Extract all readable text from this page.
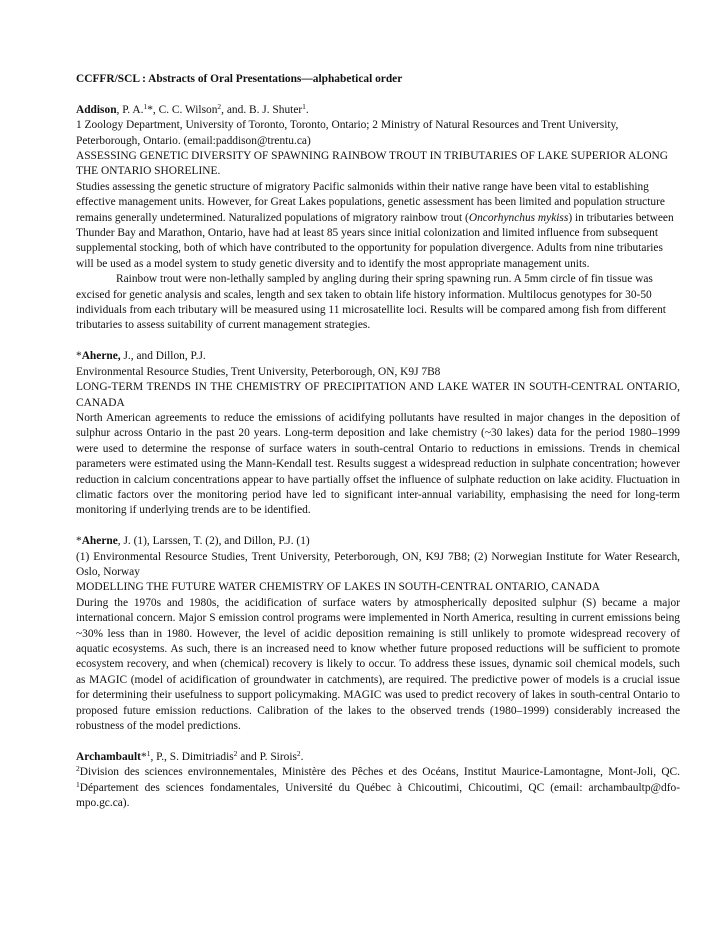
CCFFR/SCL : Abstracts of Oral Presentations—alphabetical order

Addison, P. A.$^1$*, C. C. Wilson$^2$, and. B. J. Shuter$^1$.

1 Zoology Department, University of Toronto, Toronto, Ontario; 2 Ministry of Natural Resources and Trent University, Peterborough, Ontario. (email:paddison@trentu.ca)

ASSESSING GENETIC DIVERSITY OF SPAWNING RAINBOW TROUT IN TRIBUTARIES OF LAKE SUPERIOR ALONG THE ONTARIO SHORELINE.

Studies assessing the genetic structure of migratory Pacific salmonids within their native range have been vital to establishing effective management units. However, for Great Lakes populations, genetic assessment has been limited and population structure remains generally undetermined. Naturalized populations of migratory rainbow trout (Oncorhynchus mykiss) in tributaries between Thunder Bay and Marathon, Ontario, have had at least 85 years since initial colonization and limited influence from subsequent supplemental stocking, both of which have contributed to the opportunity for population divergence. Adults from nine tributaries will be used as a model system to study genetic diversity and to identify the most appropriate management units.

Rainbow trout were non-lethally sampled by angling during their spring spawning run. A 5mm circle of fin tissue was excised for genetic analysis and scales, length and sex taken to obtain life history information. Multilocus genotypes for 30-50 individuals from each tributary will be measured using 11 microsatellite loci. Results will be compared among fish from different tributaries to assess suitability of current management strategies.

*Aherne, J., and Dillon, P.J.

Environmental Resource Studies, Trent University, Peterborough, ON, K9J 7B8

LONG-TERM TRENDS IN THE CHEMISTRY OF PRECIPITATION AND LAKE WATER IN SOUTH-CENTRAL ONTARIO, CANADA

North American agreements to reduce the emissions of acidifying pollutants have resulted in major changes in the deposition of sulphur across Ontario in the past 20 years. Long-term deposition and lake chemistry (~30 lakes) data for the period 1980–1999 were used to determine the response of surface waters in south-central Ontario to reductions in emissions. Trends in chemical parameters were estimated using the Mann-Kendall test. Results suggest a widespread reduction in sulphate concentration; however reduction in calcium concentrations appear to have partially offset the influence of sulphate reduction on lake acidity. Fluctuation in climatic factors over the monitoring period have led to significant inter-annual variability, emphasising the need for long-term monitoring if underlying trends are to be identified.

*Aherne, J. (1), Larssen, T. (2), and Dillon, P.J. (1)

(1) Environmental Resource Studies, Trent University, Peterborough, ON, K9J 7B8; (2) Norwegian Institute for Water Research, Oslo, Norway

MODELLING THE FUTURE WATER CHEMISTRY OF LAKES IN SOUTH-CENTRAL ONTARIO, CANADA

During the 1970s and 1980s, the acidification of surface waters by atmospherically deposited sulphur (S) became a major international concern. Major S emission control programs were implemented in North America, resulting in current emissions being ~30% less than in 1980. However, the level of acidic deposition remaining is still unlikely to promote widespread recovery of aquatic ecosystems. As such, there is an increased need to know whether future proposed reductions will be sufficient to promote ecosystem recovery, and when (chemical) recovery is likely to occur. To address these issues, dynamic soil chemical models, such as MAGIC (model of acidification of groundwater in catchments), are required. The predictive power of models is a crucial issue for determining their usefulness to support policymaking. MAGIC was used to predict recovery of lakes in south-central Ontario to proposed future emission reductions. Calibration of the lakes to the observed trends (1980–1999) considerably increased the robustness of the model predictions.

Archambault*$^1$, P., S. Dimitriadis$^2$ and P. Sirois$^2$.

$^2$Division des sciences environnementales, Ministère des Pêches et des Océans, Institut Maurice-Lamontagne, Mont-Joli, QC. $^1$Département des sciences fondamentales, Université du Québec à Chicoutimi, Chicoutimi, QC (email: archambaultp@dfo-mpo.gc.ca).
